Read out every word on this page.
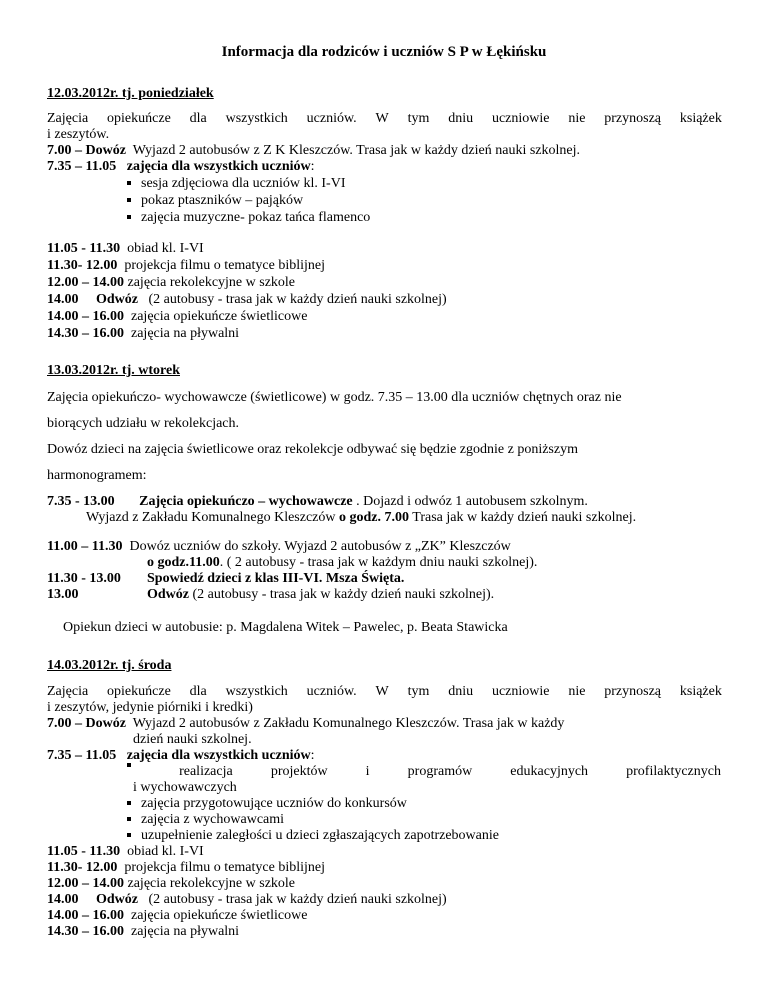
Informacja dla rodziców i uczniów S P w Łękińsku
12.03.2012r. tj. poniedziałek
Zajęcia opiekuńcze dla wszystkich uczniów. W tym dniu uczniowie nie przynoszą książek
i zeszytów.
7.00 – Dowóz Wyjazd 2 autobusów z Z K Kleszczów. Trasa jak w każdy dzień nauki szkolnej.
7.35 – 11.05 zajęcia dla wszystkich uczniów:
sesja zdjęciowa dla uczniów kl. I-VI
pokaz ptaszników – pająków
zajęcia muzyczne- pokaz tańca flamenco
11.05 - 11.30 obiad kl. I-VI
11.30- 12.00 projekcja filmu o tematyce biblijnej
12.00 – 14.00 zajęcia rekolekcyjne w szkole
14.00 Odwóz (2 autobusy - trasa jak w każdy dzień nauki szkolnej)
14.00 – 16.00 zajęcia opiekuńcze świetlicowe
14.30 – 16.00 zajęcia na pływalni
13.03.2012r. tj. wtorek
Zajęcia opiekuńczo- wychowawcze (świetlicowe) w godz. 7.35 – 13.00 dla uczniów chętnych oraz nie
biorących udziału w rekolekcjach.
Dowóz dzieci na zajęcia świetlicowe oraz rekolekcje odbywać się będzie zgodnie z poniższym
harmonogramem:
7.35 - 13.00 Zajęcia opiekuńczo – wychowawcze . Dojazd i odwóz 1 autobusem szkolnym.
Wyjazd z Zakładu Komunalnego Kleszczów o godz. 7.00 Trasa jak w każdy dzień nauki szkolnej.
11.00 – 11.30 Dowóz uczniów do szkoły. Wyjazd 2 autobusów z „ZK” Kleszczów
o godz.11.00. ( 2 autobusy - trasa jak w każdym dniu nauki szkolnej).
11.30 - 13.00 Spowiedź dzieci z klas III-VI. Msza Święta.
13.00	Odwóz (2 autobusy - trasa jak w każdy dzień nauki szkolnej).
Opiekun dzieci w autobusie: p. Magdalena Witek – Pawelec, p. Beata Stawicka
14.03.2012r. tj. środa
Zajęcia opiekuńcze dla wszystkich uczniów. W tym dniu uczniowie nie przynoszą książek
i zeszytów, jedynie piórniki i kredki)
7.00 – Dowóz Wyjazd 2 autobusów z Zakładu Komunalnego Kleszczów. Trasa jak w każdy
dzień nauki szkolnej.
7.35 – 11.05 zajęcia dla wszystkich uczniów:
realizacja	projektów	i	programów	edukacyjnych	profilaktycznych
i wychowawczych
zajęcia przygotowujące uczniów do konkursów
zajęcia z wychowawcami
uzupełnienie zaległości u dzieci zgłaszających zapotrzebowanie
11.05 - 11.30 obiad kl. I-VI
11.30- 12.00 projekcja filmu o tematyce biblijnej
12.00 – 14.00 zajęcia rekolekcyjne w szkole
14.00 Odwóz (2 autobusy - trasa jak w każdy dzień nauki szkolnej)
14.00 – 16.00 zajęcia opiekuńcze świetlicowe
14.30 – 16.00 zajęcia na pływalni
